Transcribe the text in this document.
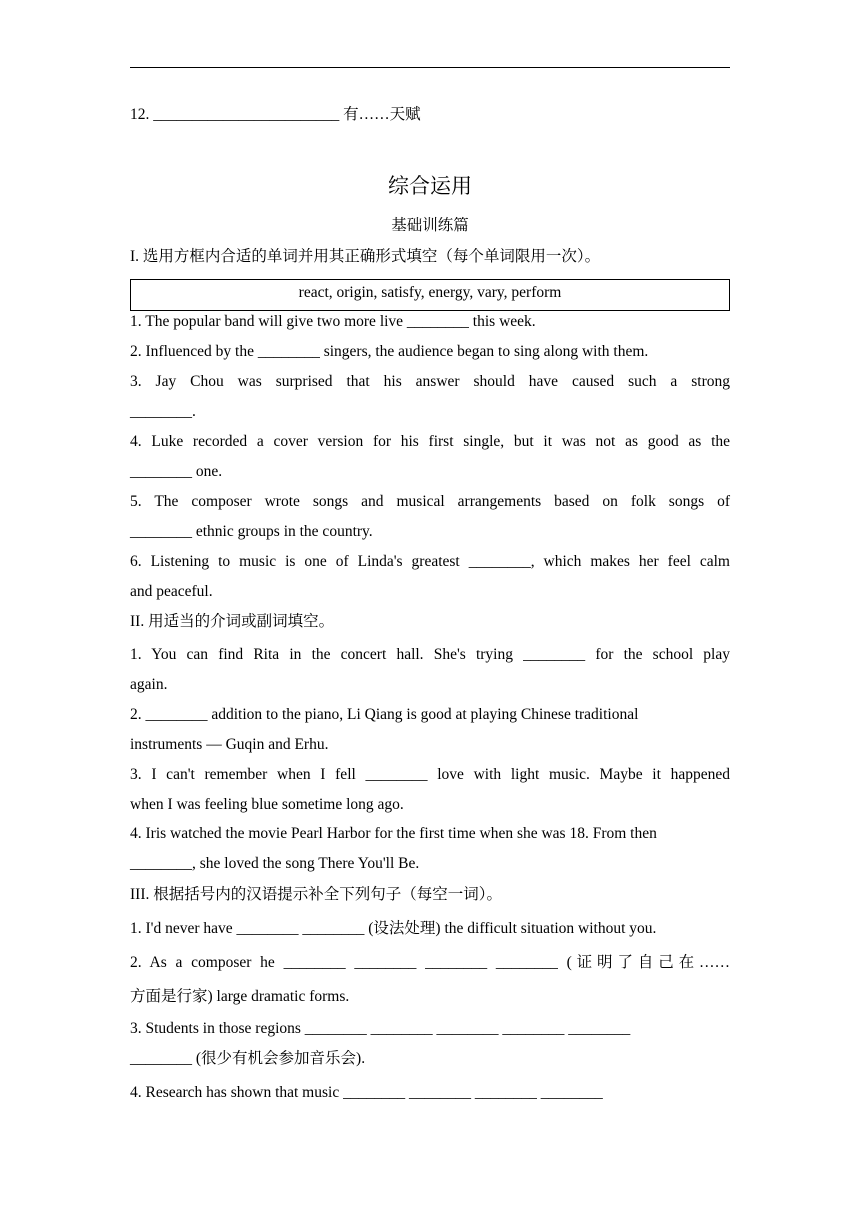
12. ________________________ 有……天赋
综合运用
基础训练篇
I. 选用方框内合适的单词并用其正确形式填空（每个单词限用一次）。
react, origin, satisfy, energy, vary, perform
1. The popular band will give two more live ________ this week.
2. Influenced by the ________ singers, the audience began to sing along with them.
3. Jay Chou was surprised that his answer should have caused such a strong
________.
4. Luke recorded a cover version for his first single, but it was not as good as the
________ one.
5. The composer wrote songs and musical arrangements based on folk songs of
________ ethnic groups in the country.
6. Listening to music is one of Linda's greatest ________, which makes her feel calm
and peaceful.
II. 用适当的介词或副词填空。
1. You can find Rita in the concert hall. She's trying ________ for the school play
again.
2. ________ addition to the piano, Li Qiang is good at playing Chinese traditional
instruments — Guqin and Erhu.
3. I can't remember when I fell ________ love with light music. Maybe it happened
when I was feeling blue sometime long ago.
4. Iris watched the movie Pearl Harbor for the first time when she was 18. From then
________, she loved the song There You'll Be.
III. 根据括号内的汉语提示补全下列句子（每空一词）。
1. I'd never have ________ ________ (设法处理) the difficult situation without you.
2. As a composer he ________ ________ ________ ________ (证明了自己在……
方面是行家) large dramatic forms.
3. Students in those regions ________ ________ ________ ________ ________
________ (很少有机会参加音乐会).
4. Research has shown that music ________ ________ ________ ________
